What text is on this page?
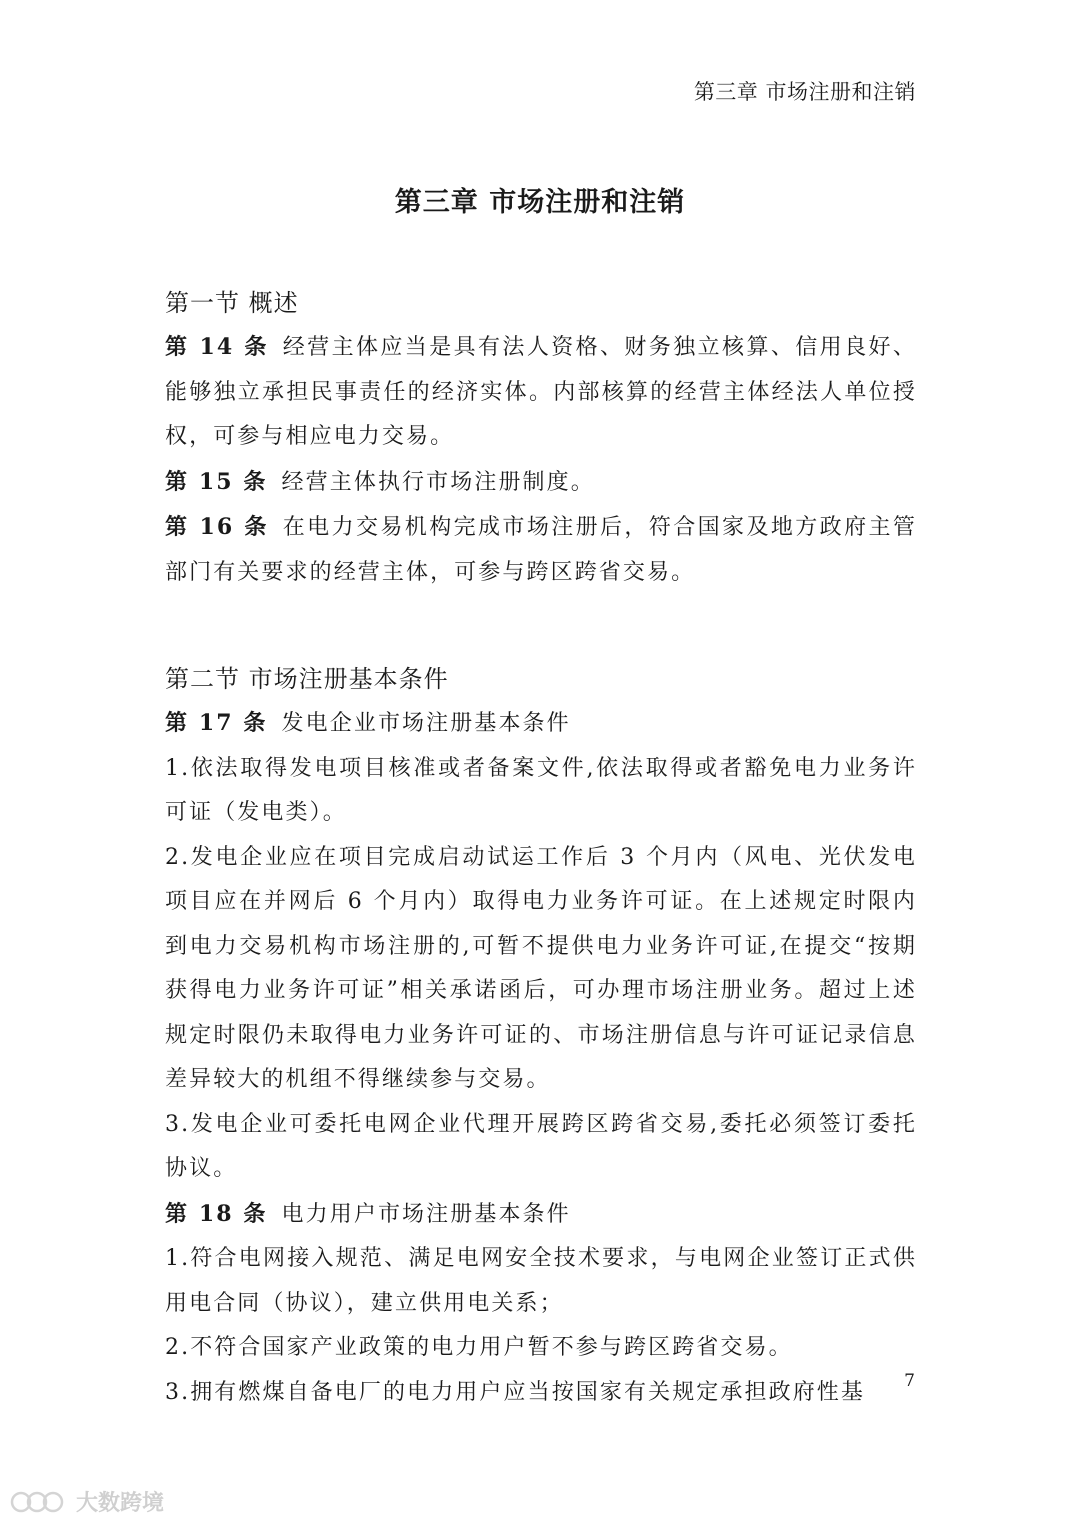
第三章 市场注册和注销
第三章 市场注册和注销
第一节 概述
第 14 条 经营主体应当是具有法人资格、财务独立核算、信用良好、能够独立承担民事责任的经济实体。内部核算的经营主体经法人单位授权，可参与相应电力交易。
第 15 条 经营主体执行市场注册制度。
第 16 条 在电力交易机构完成市场注册后，符合国家及地方政府主管部门有关要求的经营主体，可参与跨区跨省交易。
第二节 市场注册基本条件
第 17 条 发电企业市场注册基本条件
1.依法取得发电项目核准或者备案文件,依法取得或者豁免电力业务许可证（发电类）。
2.发电企业应在项目完成启动试运工作后 3 个月内（风电、光伏发电项目应在并网后 6 个月内）取得电力业务许可证。在上述规定时限内到电力交易机构市场注册的,可暂不提供电力业务许可证,在提交“按期获得电力业务许可证”相关承诺函后，可办理市场注册业务。超过上述规定时限仍未取得电力业务许可证的、市场注册信息与许可证记录信息差异较大的机组不得继续参与交易。
3.发电企业可委托电网企业代理开展跨区跨省交易,委托必须签订委托协议。
第 18 条 电力用户市场注册基本条件
1.符合电网接入规范、满足电网安全技术要求，与电网企业签订正式供用电合同（协议），建立供用电关系；
2.不符合国家产业政策的电力用户暂不参与跨区跨省交易。
3.拥有燃煤自备电厂的电力用户应当按国家有关规定承担政府性基	7
大数跨境
